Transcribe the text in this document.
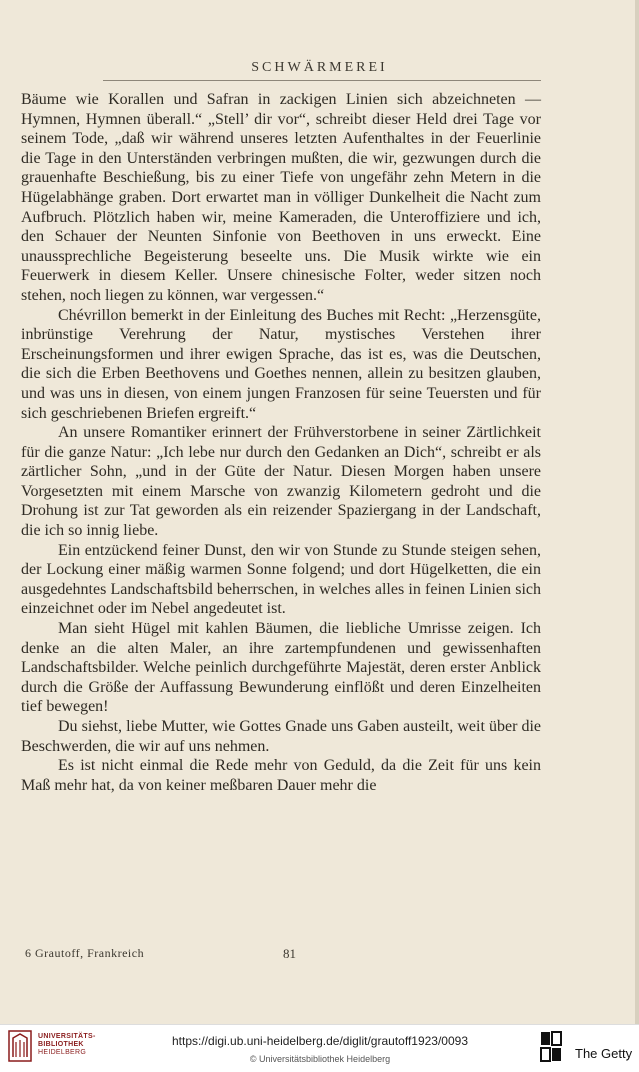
SCHWÄRMEREI

Bäume wie Korallen und Safran in zackigen Linien sich abzeichneten — Hymnen, Hymnen überall.“ „Stell’ dir vor“, schreibt dieser Held drei Tage vor seinem Tode, „daß wir während unseres letzten Aufenthaltes in der Feuerlinie die Tage in den Unterständen verbringen mußten, die wir, gezwungen durch die grauenhafte Beschießung, bis zu einer Tiefe von ungefähr zehn Metern in die Hügelabhänge graben. Dort erwartet man in völliger Dunkelheit die Nacht zum Aufbruch. Plötzlich haben wir, meine Kameraden, die Unteroffiziere und ich, den Schauer der Neunten Sinfonie von Beethoven in uns erweckt. Eine unaussprechliche Begeisterung beseelte uns. Die Musik wirkte wie ein Feuerwerk in diesem Keller. Unsere chinesische Folter, weder sitzen noch stehen, noch liegen zu können, war vergessen.“

Chévrillon bemerkt in der Einleitung des Buches mit Recht: „Herzensgüte, inbrünstige Verehrung der Natur, mystisches Verstehen ihrer Erscheinungsformen und ihrer ewigen Sprache, das ist es, was die Deutschen, die sich die Erben Beethovens und Goethes nennen, allein zu besitzen glauben, und was uns in diesen, von einem jungen Franzosen für seine Teuersten und für sich geschriebenen Briefen ergreift.“

An unsere Romantiker erinnert der Frühverstorbene in seiner Zärtlichkeit für die ganze Natur: „Ich lebe nur durch den Gedanken an Dich“, schreibt er als zärtlicher Sohn, „und in der Güte der Natur. Diesen Morgen haben unsere Vorgesetzten mit einem Marsche von zwanzig Kilometern gedroht und die Drohung ist zur Tat geworden als ein reizender Spaziergang in der Landschaft, die ich so innig liebe.

Ein entzückend feiner Dunst, den wir von Stunde zu Stunde steigen sehen, der Lockung einer mäßig warmen Sonne folgend; und dort Hügelketten, die ein ausgedehntes Landschaftsbild beherrschen, in welches alles in feinen Linien sich einzeichnet oder im Nebel angedeutet ist.

Man sieht Hügel mit kahlen Bäumen, die liebliche Umrisse zeigen. Ich denke an die alten Maler, an ihre zartempfundenen und gewissenhaften Landschaftsbilder. Welche peinlich durchgeführte Majestät, deren erster Anblick durch die Größe der Auffassung Bewunderung einflößt und deren Einzelheiten tief bewegen!

Du siehst, liebe Mutter, wie Gottes Gnade uns Gaben austeilt, weit über die Beschwerden, die wir auf uns nehmen.

Es ist nicht einmal die Rede mehr von Geduld, da die Zeit für uns kein Maß mehr hat, da von keiner meßbaren Dauer mehr die

6 Grautoff, Frankreich	81
UNIVERSITÄTS-
BIBLIOTHEK
HEIDELBERG
https://digi.ub.uni-heidelberg.de/diglit/grautoff1923/0093
© Universitätsbibliothek Heidelberg	The Getty
